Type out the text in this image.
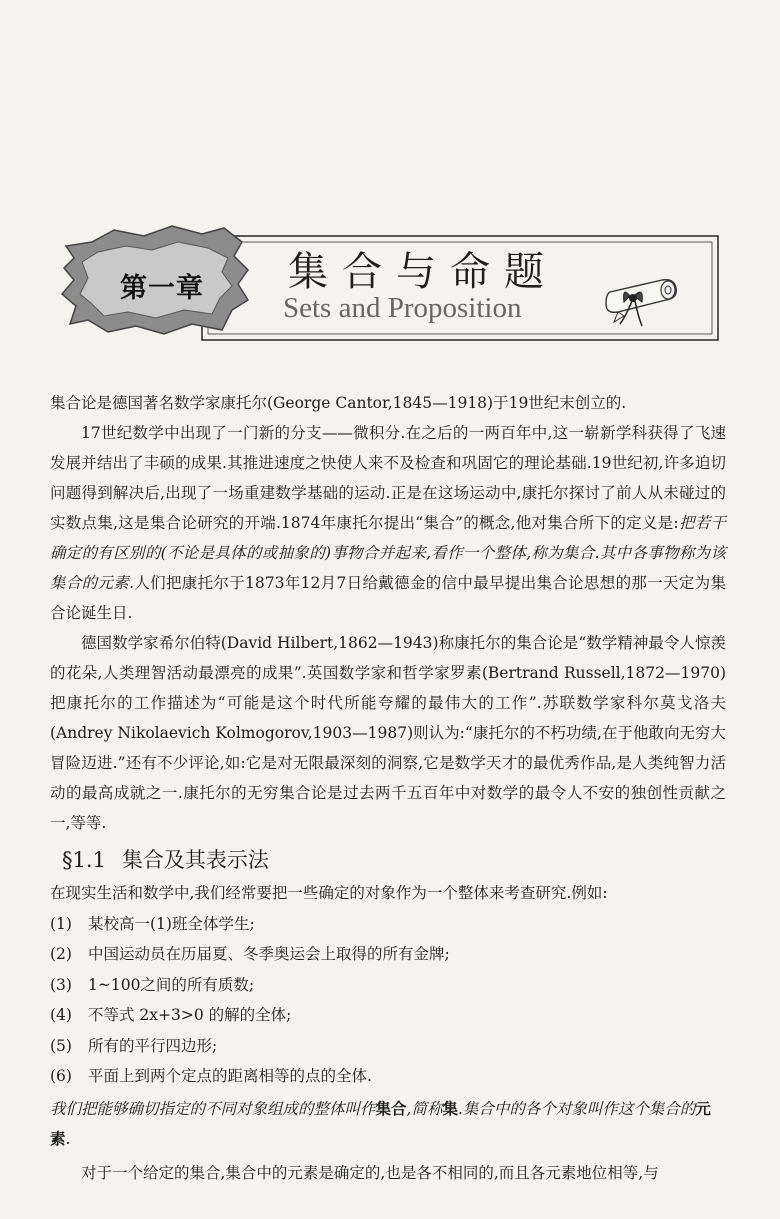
第一章	集合与命题
Sets and Proposition

集合论是德国著名数学家康托尔(George Cantor,1845—1918)于19世纪末创立的.

17世纪数学中出现了一门新的分支——微积分.在之后的一两百年中,这一崭新学科获得了飞速发展并结出了丰硕的成果.其推进速度之快使人来不及检查和巩固它的理论基础.19世纪初,许多迫切问题得到解决后,出现了一场重建数学基础的运动.正是在这场运动中,康托尔探讨了前人从未碰过的实数点集,这是集合论研究的开端.1874年康托尔提出“集合”的概念,他对集合所下的定义是:把若干确定的有区别的(不论是具体的或抽象的)事物合并起来,看作一个整体,称为集合.其中各事物称为该集合的元素.人们把康托尔于1873年12月7日给戴德金的信中最早提出集合论思想的那一天定为集合论诞生日.

德国数学家希尔伯特(David Hilbert,1862—1943)称康托尔的集合论是“数学精神最令人惊羡的花朵,人类理智活动最漂亮的成果”.英国数学家和哲学家罗素(Bertrand Russell,1872—1970)把康托尔的工作描述为“可能是这个时代所能夸耀的最伟大的工作”.苏联数学家科尔莫戈洛夫(Andrey Nikolaevich Kolmogorov,1903—1987)则认为:“康托尔的不朽功绩,在于他敢向无穷大冒险迈进.”还有不少评论,如:它是对无限最深刻的洞察,它是数学天才的最优秀作品,是人类纯智力活动的最高成就之一.康托尔的无穷集合论是过去两千五百年中对数学的最令人不安的独创性贡献之一,等等.

§1.1 集合及其表示法

在现实生活和数学中,我们经常要把一些确定的对象作为一个整体来考查研究.例如:

(1) 某校高一(1)班全体学生;

(2) 中国运动员在历届夏、冬季奥运会上取得的所有金牌;

(3) 1~100之间的所有质数;

(4) 不等式 2x+3>0 的解的全体;

(5) 所有的平行四边形;

(6) 平面上到两个定点的距离相等的点的全体.

我们把能够确切指定的不同对象组成的整体叫作集合,简称集.集合中的各个对象叫作这个集合的元素.

对于一个给定的集合,集合中的元素是确定的,也是各不相同的,而且各元素地位相等,与
